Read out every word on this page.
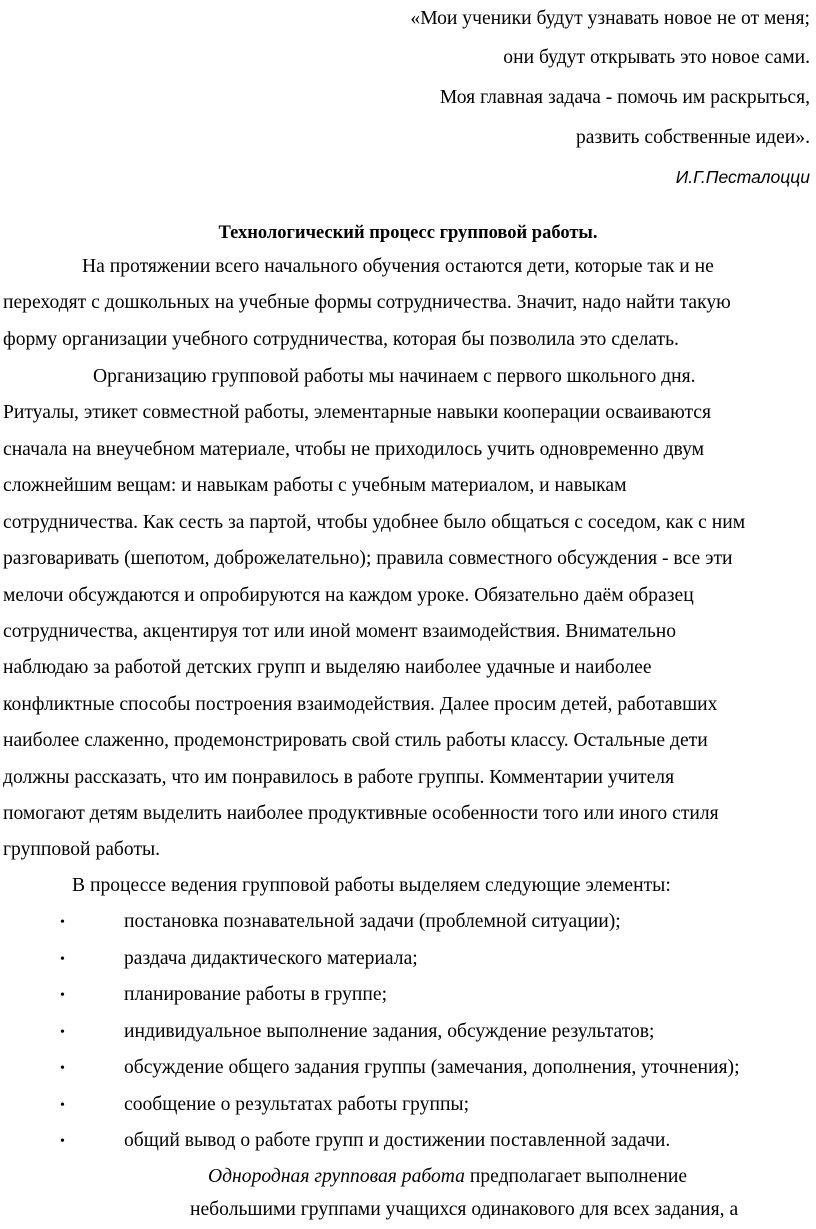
«Мои ученики будут узнавать новое не от меня;
они будут открывать это новое сами.
Моя главная задача - помочь им раскрыться,
развить собственные идеи».
И.Г.Песталоцци
Технологический процесс групповой работы.
На протяжении всего начального обучения остаются дети, которые так и не
переходят с дошкольных на учебные формы сотрудничества. Значит, надо найти такую
форму организации учебного сотрудничества, которая бы позволила это сделать.
Организацию групповой работы мы начинаем с первого школьного дня.
Ритуалы, этикет совместной работы, элементарные навыки кооперации осваиваются
сначала на внеучебном материале, чтобы не приходилось учить одновременно двум
сложнейшим вещам: и навыкам работы с учебным материалом, и навыкам
сотрудничества. Как сесть за партой, чтобы удобнее было общаться с соседом, как с ним
разговаривать (шепотом, доброжелательно); правила совместного обсуждения - все эти
мелочи обсуждаются и опробируются на каждом уроке. Обязательно даём образец
сотрудничества, акцентируя тот или иной момент взаимодействия. Внимательно
наблюдаю за работой детских групп и выделяю наиболее удачные и наиболее
конфликтные способы построения взаимодействия. Далее просим детей, работавших
наиболее слаженно, продемонстрировать свой стиль работы классу. Остальные дети
должны рассказать, что им понравилось в работе группы. Комментарии учителя
помогают детям выделить наиболее продуктивные особенности того или иного стиля
групповой работы.
В процессе ведения групповой работы выделяем следующие элементы:
•	постановка познавательной задачи (проблемной ситуации);
•	раздача дидактического материала;
•	планирование работы в группе;
•	индивидуальное выполнение задания, обсуждение результатов;
•	обсуждение общего задания группы (замечания, дополнения, уточнения);
•	сообщение о результатах работы группы;
•	общий вывод о работе групп и достижении поставленной задачи.
Однородная групповая работа предполагает выполнение
небольшими группами учащихся одинакового для всех задания, а
